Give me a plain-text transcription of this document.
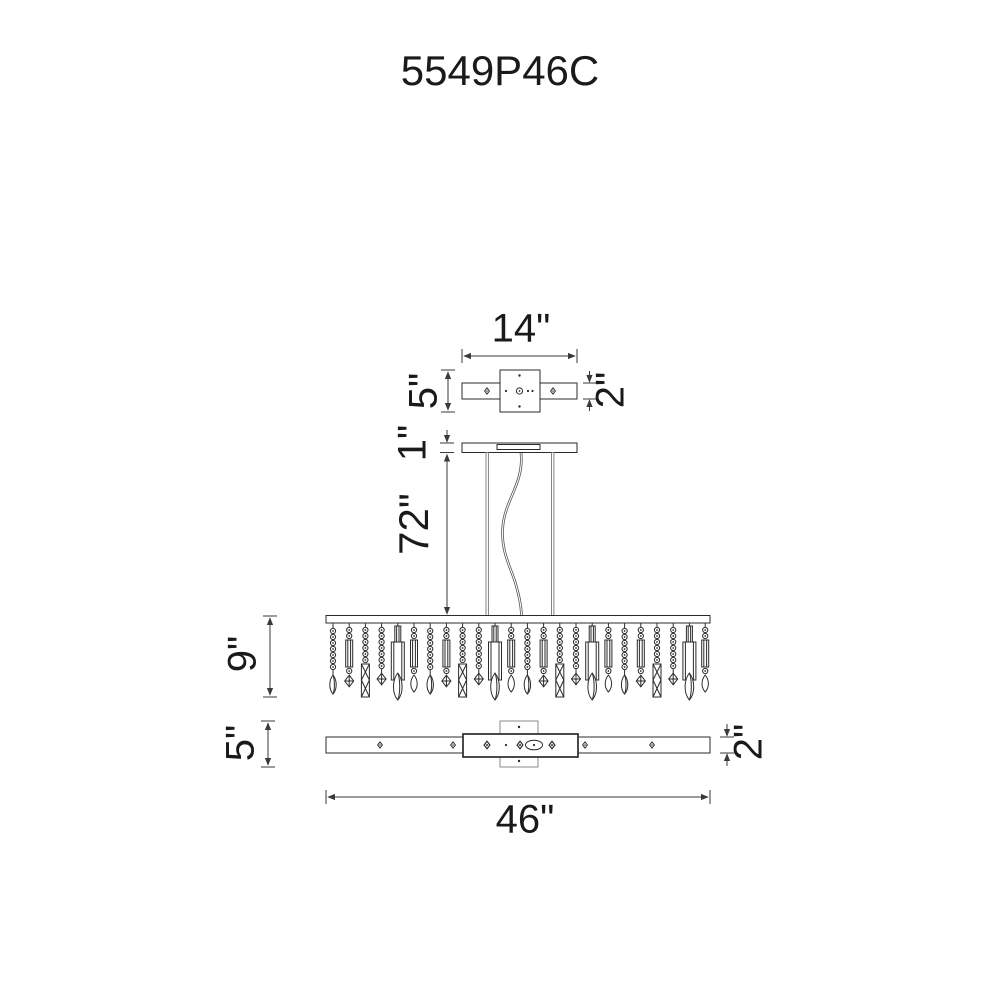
5549P46C
14"
5"	2"
1"
72"
9"
5"	2"
46"
